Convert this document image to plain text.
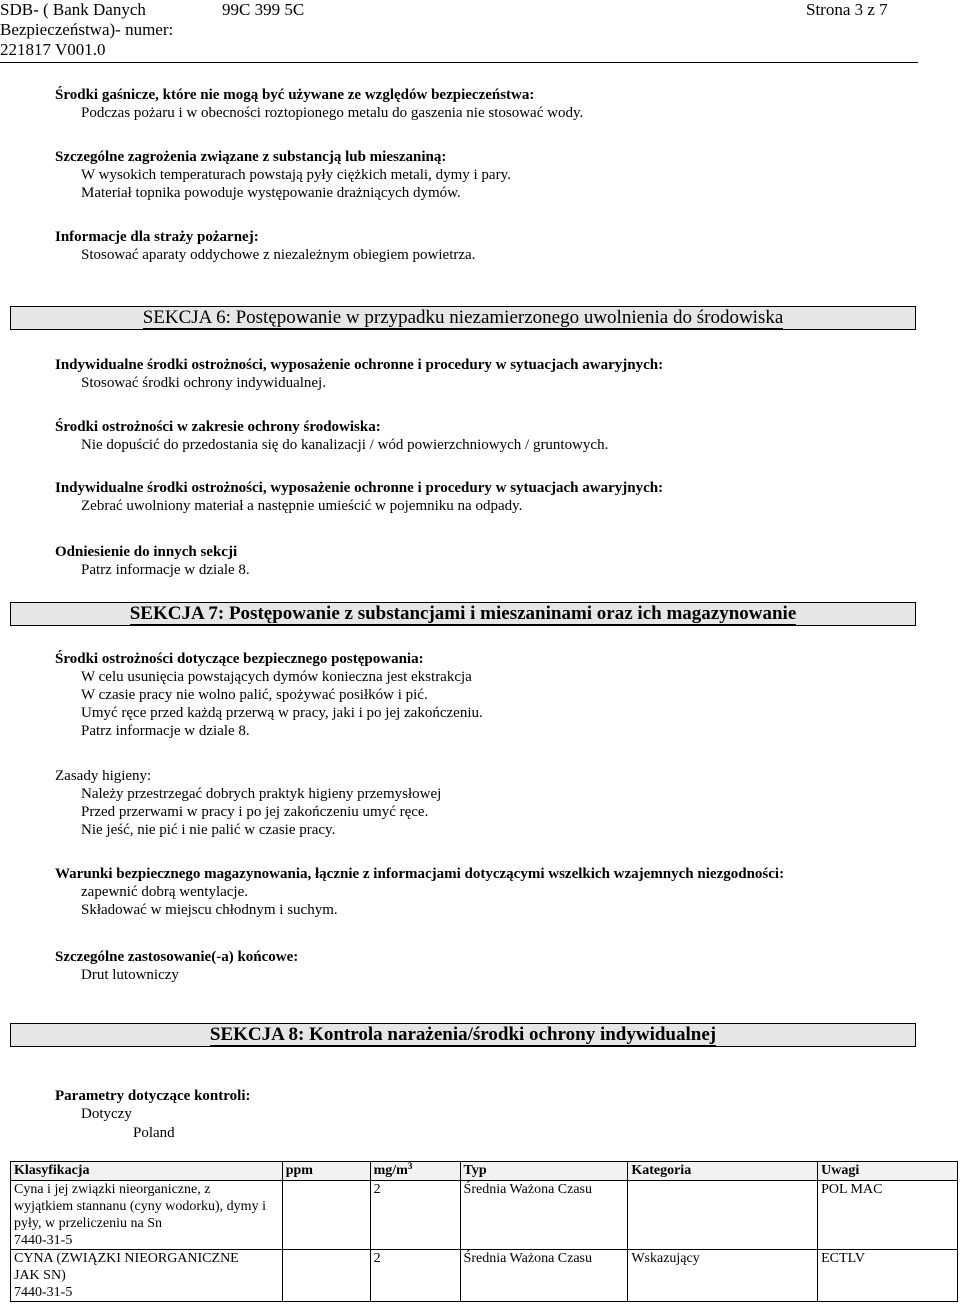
SDB- ( Bank Danych
Bezpieczeństwa)- numer:
221817 V001.0
99C 399 5C	Strona 3 z 7
Środki gaśnicze, które nie mogą być używane ze względów bezpieczeństwa:
Podczas pożaru i w obecności roztopionego metalu do gaszenia nie stosować wody.
Szczególne zagrożenia związane z substancją lub mieszaniną:
W wysokich temperaturach powstają pyły ciężkich metali, dymy i pary.
Materiał topnika powoduje występowanie drażniących dymów.
Informacje dla straży pożarnej:
Stosować aparaty oddychowe z niezależnym obiegiem powietrza.
SEKCJA 6: Postępowanie w przypadku niezamierzonego uwolnienia do środowiska
Indywidualne środki ostrożności, wyposażenie ochronne i procedury w sytuacjach awaryjnych:
Stosować środki ochrony indywidualnej.
Środki ostrożności w zakresie ochrony środowiska:
Nie dopuścić do przedostania się do kanalizacji / wód powierzchniowych / gruntowych.
Indywidualne środki ostrożności, wyposażenie ochronne i procedury w sytuacjach awaryjnych:
Zebrać uwolniony materiał a następnie umieścić w pojemniku na odpady.
Odniesienie do innych sekcji
Patrz informacje w dziale 8.
SEKCJA 7: Postępowanie z substancjami i mieszaninami oraz ich magazynowanie
Środki ostrożności dotyczące bezpiecznego postępowania:
W celu usunięcia powstających dymów konieczna jest ekstrakcja
W czasie pracy nie wolno palić, spożywać posiłków i pić.
Umyć ręce przed każdą przerwą w pracy, jaki i po jej zakończeniu.
Patrz informacje w dziale 8.
Zasady higieny:
Należy przestrzegać dobrych praktyk higieny przemysłowej
Przed przerwami w pracy i po jej zakończeniu umyć ręce.
Nie jeść, nie pić i nie palić w czasie pracy.
Warunki bezpiecznego magazynowania, łącznie z informacjami dotyczącymi wszelkich wzajemnych niezgodności:
zapewnić dobrą wentylacje.
Składować w miejscu chłodnym i suchym.
Szczególne zastosowanie(-a) końcowe:
Drut lutowniczy
SEKCJA 8: Kontrola narażenia/środki ochrony indywidualnej
Parametry dotyczące kontroli:
Dotyczy
Poland
Klasyfikacja	ppm	$mg/m^3$	Typ	Kategoria	Uwagi
Cyna i jej związki nieorganiczne, z
wyjątkiem stannanu (cyny wodorku), dymy i
pyły, w przeliczeniu na Sn
7440-31-5		2	Średnia Ważona Czasu		POL MAC
CYNA (ZWIĄZKI NIEORGANICZNE
JAK SN)
7440-31-5		2	Średnia Ważona Czasu	Wskazujący	ECTLV
